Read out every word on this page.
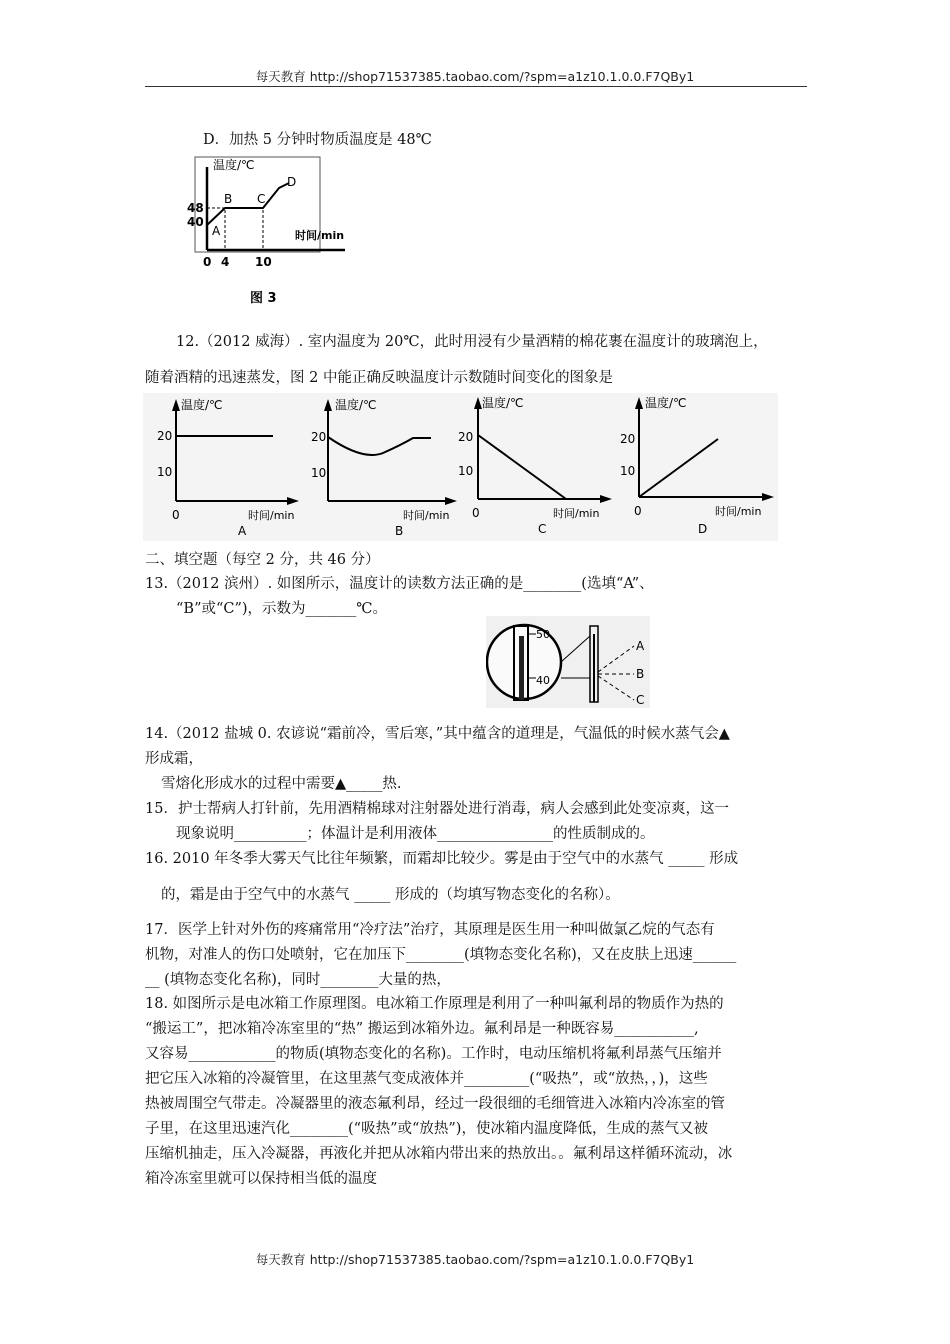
每天教育 http://shop71537385.taobao.com/?spm=a1z10.1.0.0.F7QBy1
D．加热 5 分钟时物质温度是 48℃
温度/℃
时间/min
48
40
0 4 10
A
B C
D
图 3
12.（2012 威海）. 室内温度为 20℃，此时用浸有少量酒精的棉花裹在温度计的玻璃泡上，
随着酒精的迅速蒸发，图 2 中能正确反映温度计示数随时间变化的图象是
温度/℃
20
10
0	时间/min
A
温度/℃
20
10
时间/min
B
温度/℃
20
10
0	时间/min
C
温度/℃
20
10
0	时间/min
D
二、填空题（每空 2 分，共 46 分）
13.（2012 滨州）. 如图所示，温度计的读数方法正确的是________(选填“A”、
“B”或“C”)，示数为_______℃。
50
40
A
B
C
14.（2012 盐城 0. 农谚说“霜前冷，雪后寒，”其中蕴含的道理是，气温低的时候水蒸气会▲
形成霜，
雪熔化形成水的过程中需要▲_____热.
15．护士帮病人打针前，先用酒精棉球对注射器处进行消毒，病人会感到此处变凉爽，这一
现象说明__________；体温计是利用液体________________的性质制成的。
16. 2010 年冬季大雾天气比往年频繁，而霜却比较少。雾是由于空气中的水蒸气 _____ 形成
的，霜是由于空气中的水蒸气 _____ 形成的（均填写物态变化的名称）。
17．医学上针对外伤的疼痛常用“冷疗法”治疗，其原理是医生用一种叫做氯乙烷的气态有
机物，对准人的伤口处喷射，它在加压下________(填物态变化名称)，又在皮肤上迅速______
__ (填物态变化名称)，同时________大量的热，
18. 如图所示是电冰箱工作原理图。电冰箱工作原理是利用了一种叫氟利昂的物质作为热的
“搬运工”，把冰箱冷冻室里的“热” 搬运到冰箱外边。氟利昂是一种既容易___________,
又容易____________的物质(填物态变化的名称)。工作时，电动压缩机将氟利昂蒸气压缩并
把它压入冰箱的冷凝管里，在这里蒸气变成液体并_________(“吸热”，或“放热，，)，这些
热被周围空气带走。冷凝器里的液态氟利昂，经过一段很细的毛细管进入冰箱内冷冻室的管
子里，在这里迅速汽化________(“吸热”或“放热”)，使冰箱内温度降低，生成的蒸气又被
压缩机抽走，压入冷凝器，再液化并把从冰箱内带出来的热放出。。氟利昂这样循环流动，冰
箱冷冻室里就可以保持相当低的温度
每天教育 http://shop71537385.taobao.com/?spm=a1z10.1.0.0.F7QBy1
